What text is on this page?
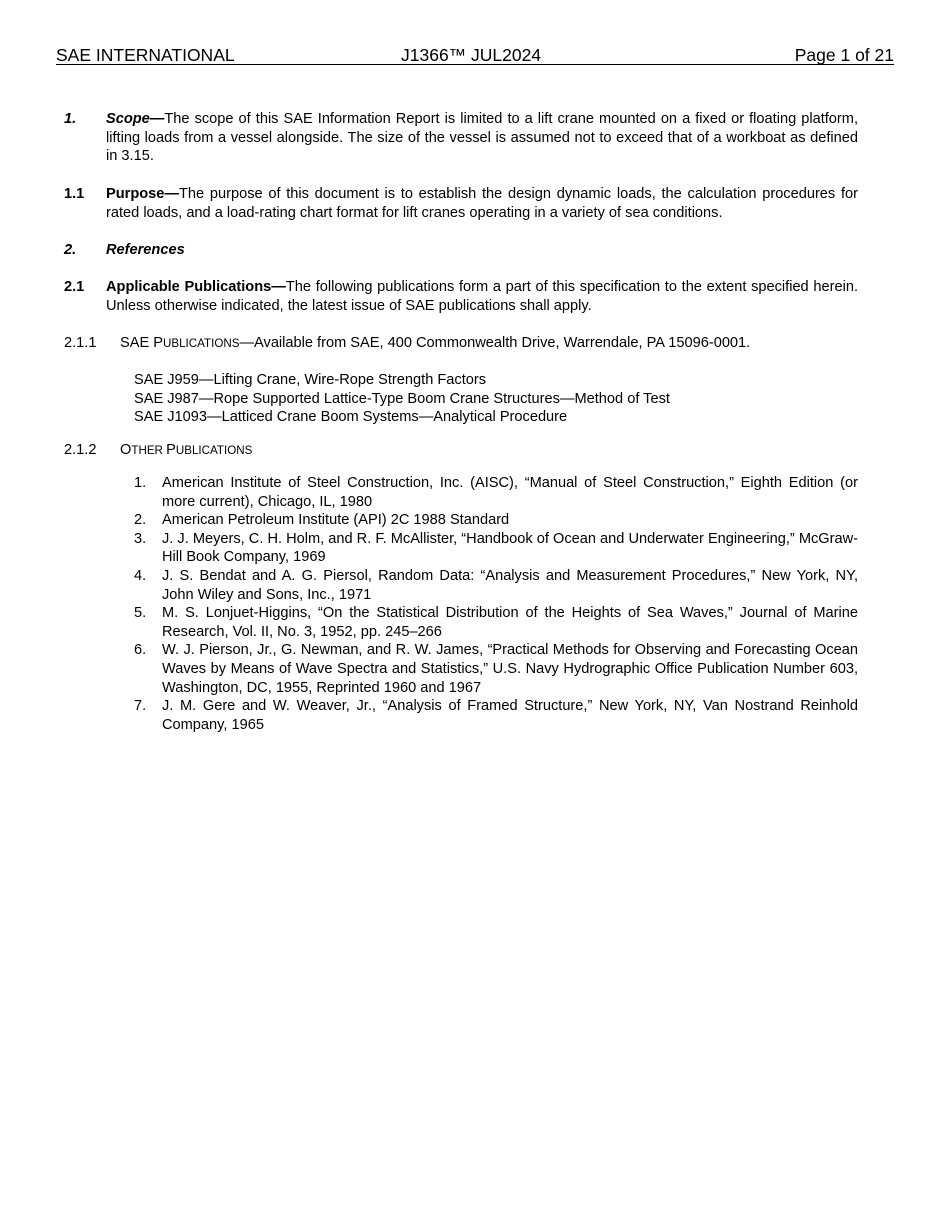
SAE INTERNATIONAL	J1366™ JUL2024	Page 1 of 21
1. Scope—The scope of this SAE Information Report is limited to a lift crane mounted on a fixed or floating platform, lifting loads from a vessel alongside. The size of the vessel is assumed not to exceed that of a workboat as defined in 3.15.
1.1 Purpose—The purpose of this document is to establish the design dynamic loads, the calculation procedures for rated loads, and a load-rating chart format for lift cranes operating in a variety of sea conditions.
2. References
2.1 Applicable Publications—The following publications form a part of this specification to the extent specified herein. Unless otherwise indicated, the latest issue of SAE publications shall apply.
2.1.1 SAE PUBLICATIONS—Available from SAE, 400 Commonwealth Drive, Warrendale, PA 15096-0001.
SAE J959—Lifting Crane, Wire-Rope Strength Factors
SAE J987—Rope Supported Lattice-Type Boom Crane Structures—Method of Test
SAE J1093—Latticed Crane Boom Systems—Analytical Procedure
2.1.2 OTHER PUBLICATIONS
1. American Institute of Steel Construction, Inc. (AISC), “Manual of Steel Construction,” Eighth Edition (or more current), Chicago, IL, 1980
2. American Petroleum Institute (API) 2C 1988 Standard
3. J. J. Meyers, C. H. Holm, and R. F. McAllister, “Handbook of Ocean and Underwater Engineering,” McGraw-Hill Book Company, 1969
4. J. S. Bendat and A. G. Piersol, Random Data: “Analysis and Measurement Procedures,” New York, NY, John Wiley and Sons, Inc., 1971
5. M. S. Lonjuet-Higgins, “On the Statistical Distribution of the Heights of Sea Waves,” Journal of Marine Research, Vol. II, No. 3, 1952, pp. 245–266
6. W. J. Pierson, Jr., G. Newman, and R. W. James, “Practical Methods for Observing and Forecasting Ocean Waves by Means of Wave Spectra and Statistics,” U.S. Navy Hydrographic Office Publication Number 603, Washington, DC, 1955, Reprinted 1960 and 1967
7. J. M. Gere and W. Weaver, Jr., “Analysis of Framed Structure,” New York, NY, Van Nostrand Reinhold Company, 1965
